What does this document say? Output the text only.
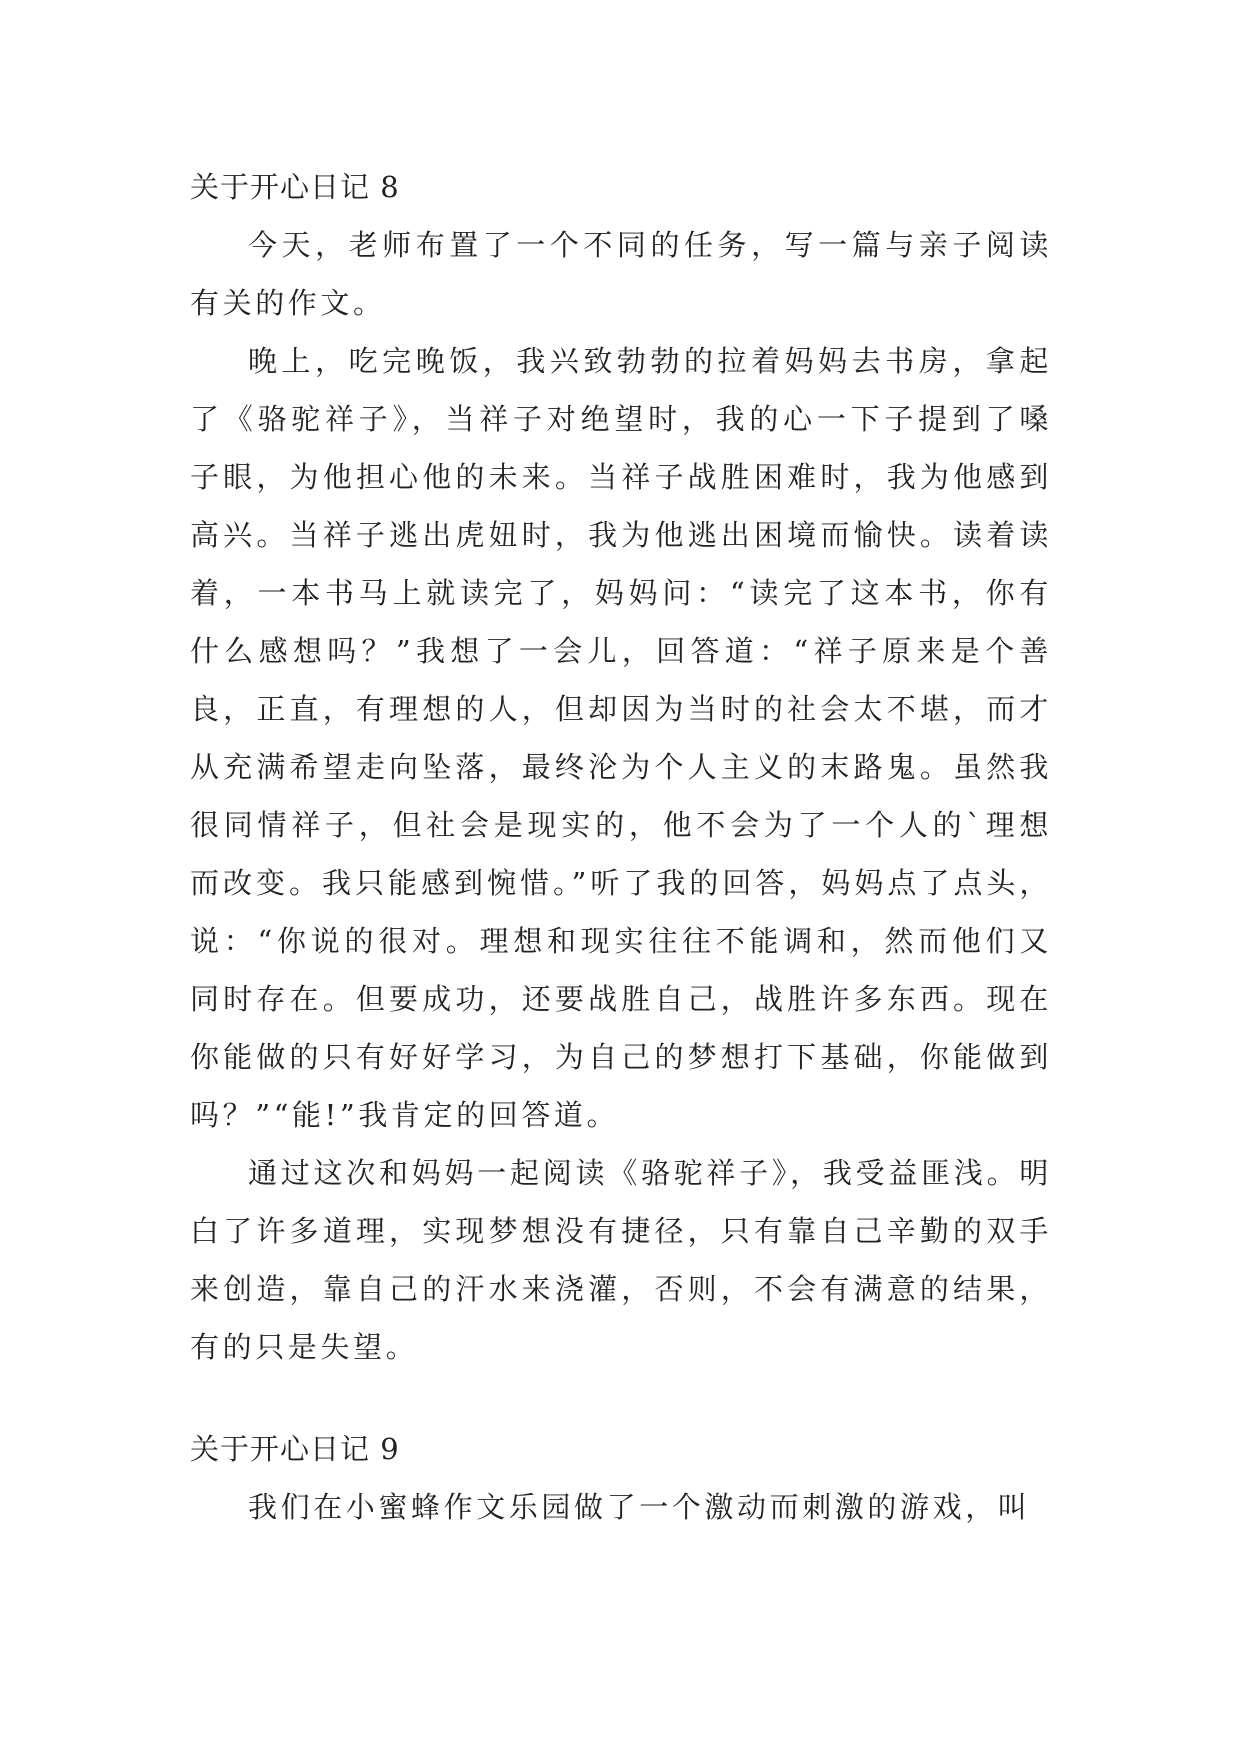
关于开心日记 8

今天，老师布置了一个不同的任务，写一篇与亲子阅读有关的作文。

晚上，吃完晚饭，我兴致勃勃的拉着妈妈去书房，拿起了《骆驼祥子》，当祥子对绝望时，我的心一下子提到了嗓子眼，为他担心他的未来。当祥子战胜困难时，我为他感到高兴。当祥子逃出虎妞时，我为他逃出困境而愉快。读着读着，一本书马上就读完了，妈妈问：“读完了这本书，你有什么感想吗？”我想了一会儿，回答道：“祥子原来是个善良，正直，有理想的人，但却因为当时的社会太不堪，而才从充满希望走向坠落，最终沦为个人主义的末路鬼。虽然我很同情祥子，但社会是现实的，他不会为了一个人的`理想而改变。我只能感到惋惜。”听了我的回答，妈妈点了点头，说：“你说的很对。理想和现实往往不能调和，然而他们又同时存在。但要成功，还要战胜自己，战胜许多东西。现在你能做的只有好好学习，为自己的梦想打下基础，你能做到吗？”“能!”我肯定的回答道。

通过这次和妈妈一起阅读《骆驼祥子》，我受益匪浅。明白了许多道理，实现梦想没有捷径，只有靠自己辛勤的双手来创造，靠自己的汗水来浇灌，否则，不会有满意的结果，有的只是失望。

关于开心日记 9

我们在小蜜蜂作文乐园做了一个激动而刺激的游戏，叫
